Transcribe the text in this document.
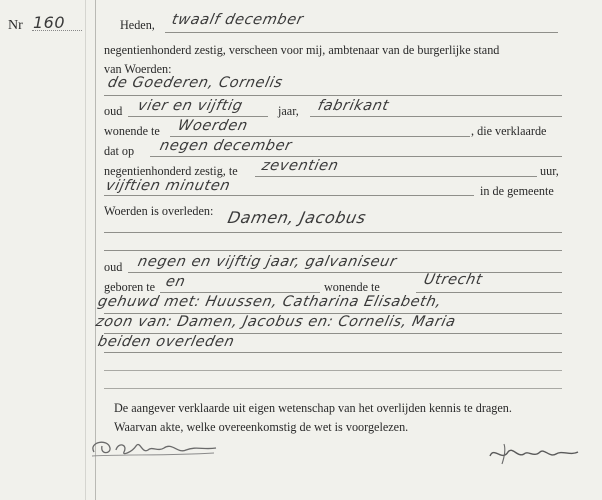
Nr 160	Heden, twaalf december
negentienhonderd zestig, verscheen voor mij, ambtenaar van de burgerlijke stand
van Woerden:
de Goederen, Cornelis
oud vier en vijftig	jaar, fabrikant
wonende te Woerden	, die verklaarde
dat op negen december
negentienhonderd zestig, te zeventien	uur,
vijftien minuten	in de gemeente
Woerden is overleden: Damen, Jacobus
oud negen en vijftig jaar, galvaniseur
geboren te en	wonende te	Utrecht
gehuwd met: Huussen, Catharina Elisabeth,
zoon van: Damen, Jacobus en: Cornelis, Maria
beiden overleden
De aangever verklaarde uit eigen wetenschap van het overlijden kennis te dragen.
Waarvan akte, welke overeenkomstig de wet is voorgelezen.
